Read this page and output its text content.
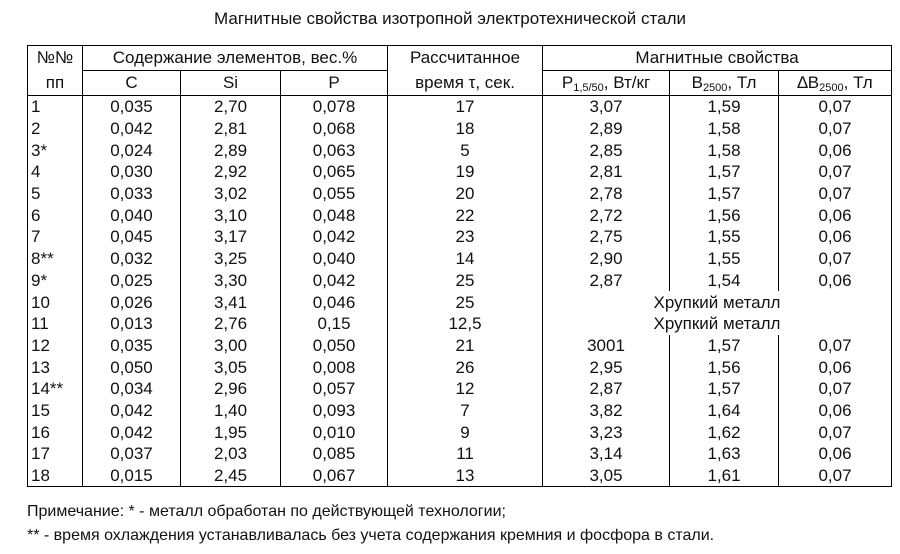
Магнитные свойства изотропной электротехнической стали
№№	Содержание элементов, вес.%			Рассчитанное	Магнитные свойства		
пп	C	Si	P	время τ, сек.	$P_{1,5/50}$, Вт/кг	$B_{2500}$, Тл	$\Delta B_{2500}$, Тл
1	0,035	2,70	0,078	17	3,07	1,59	0,07
2	0,042	2,81	0,068	18	2,89	1,58	0,07
3*	0,024	2,89	0,063	5	2,85	1,58	0,06
4	0,030	2,92	0,065	19	2,81	1,57	0,07
5	0,033	3,02	0,055	20	2,78	1,57	0,07
6	0,040	3,10	0,048	22	2,72	1,56	0,06
7	0,045	3,17	0,042	23	2,75	1,55	0,06
8**	0,032	3,25	0,040	14	2,90	1,55	0,07
9*	0,025	3,30	0,042	25	2,87	1,54	0,06
10	0,026	3,41	0,046	25	Хрупкий металл		
11	0,013	2,76	0,15	12,5	Хрупкий металл		
12	0,035	3,00	0,050	21	3001	1,57	0,07
13	0,050	3,05	0,008	26	2,95	1,56	0,06
14**	0,034	2,96	0,057	12	2,87	1,57	0,07
15	0,042	1,40	0,093	7	3,82	1,64	0,06
16	0,042	1,95	0,010	9	3,23	1,62	0,07
17	0,037	2,03	0,085	11	3,14	1,63	0,06
18	0,015	2,45	0,067	13	3,05	1,61	0,07
Примечание: * - металл обработан по действующей технологии;
** - время охлаждения устанавливалась без учета содержания кремния и фосфора в стали.
